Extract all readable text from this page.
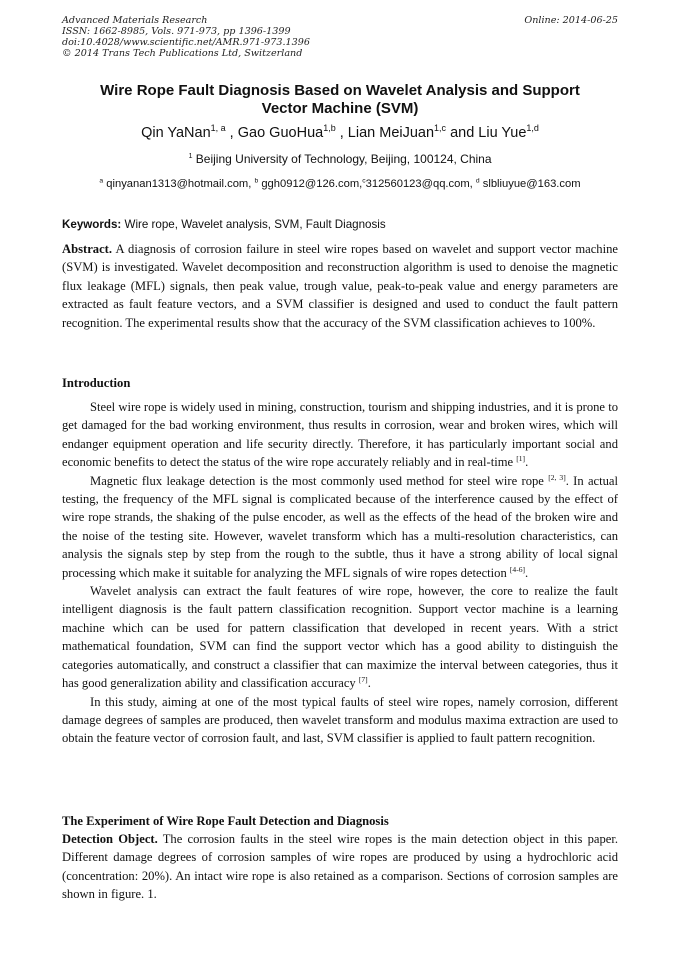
Advanced Materials Research	Online: 2014-06-25
ISSN: 1662-8985, Vols. 971-973, pp 1396-1399
doi:10.4028/www.scientific.net/AMR.971-973.1396
© 2014 Trans Tech Publications Ltd, Switzerland
Wire Rope Fault Diagnosis Based on Wavelet Analysis and Support
Vector Machine (SVM)
Qin YaNan$^{1, a}$ , Gao GuoHua$^{1,b}$ , Lian MeiJuan$^{1,c}$ and Liu Yue$^{1,d}$
$^1$ Beijing University of Technology, Beijing, 100124, China
$^a$ qinyanan1313@hotmail.com, $^b$ ggh0912@126.com,$^c$312560123@qq.com, $^d$ slbliuyue@163.com
Keywords: Wire rope, Wavelet analysis, SVM, Fault Diagnosis

Abstract. A diagnosis of corrosion failure in steel wire ropes based on wavelet and support vector machine (SVM) is investigated. Wavelet decomposition and reconstruction algorithm is used to denoise the magnetic flux leakage (MFL) signals, then peak value, trough value, peak-to-peak value and energy parameters are extracted as fault feature vectors, and a SVM classifier is designed and used to conduct the fault pattern recognition. The experimental results show that the accuracy of the SVM classification achieves to 100%.

Introduction

Steel wire rope is widely used in mining, construction, tourism and shipping industries, and it is prone to get damaged for the bad working environment, thus results in corrosion, wear and broken wires, which will endanger equipment operation and life security directly. Therefore, it has particularly important social and economic benefits to detect the status of the wire rope accurately reliably and in real-time [1].

Magnetic flux leakage detection is the most commonly used method for steel wire rope [2, 3]. In actual testing, the frequency of the MFL signal is complicated because of the interference caused by the effect of wire rope strands, the shaking of the pulse encoder, as well as the effects of the head of the broken wire and the noise of the testing site. However, wavelet transform which has a multi-resolution characteristics, can analysis the signals step by step from the rough to the subtle, thus it have a strong ability of local signal processing which make it suitable for analyzing the MFL signals of wire ropes detection [4-6].

Wavelet analysis can extract the fault features of wire rope, however, the core to realize the fault intelligent diagnosis is the fault pattern classification recognition. Support vector machine is a learning machine which can be used for pattern classification that developed in recent years. With a strict mathematical foundation, SVM can find the support vector which has a good ability to distinguish the categories automatically, and construct a classifier that can maximize the interval between categories, thus it has good generalization ability and classification accuracy [7].

In this study, aiming at one of the most typical faults of steel wire ropes, namely corrosion, different damage degrees of samples are produced, then wavelet transform and modulus maxima extraction are used to obtain the feature vector of corrosion fault, and last, SVM classifier is applied to fault pattern recognition.

The Experiment of Wire Rope Fault Detection and Diagnosis

Detection Object. The corrosion faults in the steel wire ropes is the main detection object in this paper. Different damage degrees of corrosion samples of wire ropes are produced by using a hydrochloric acid (concentration: 20%). An intact wire rope is also retained as a comparison. Sections of corrosion samples are shown in figure. 1.
